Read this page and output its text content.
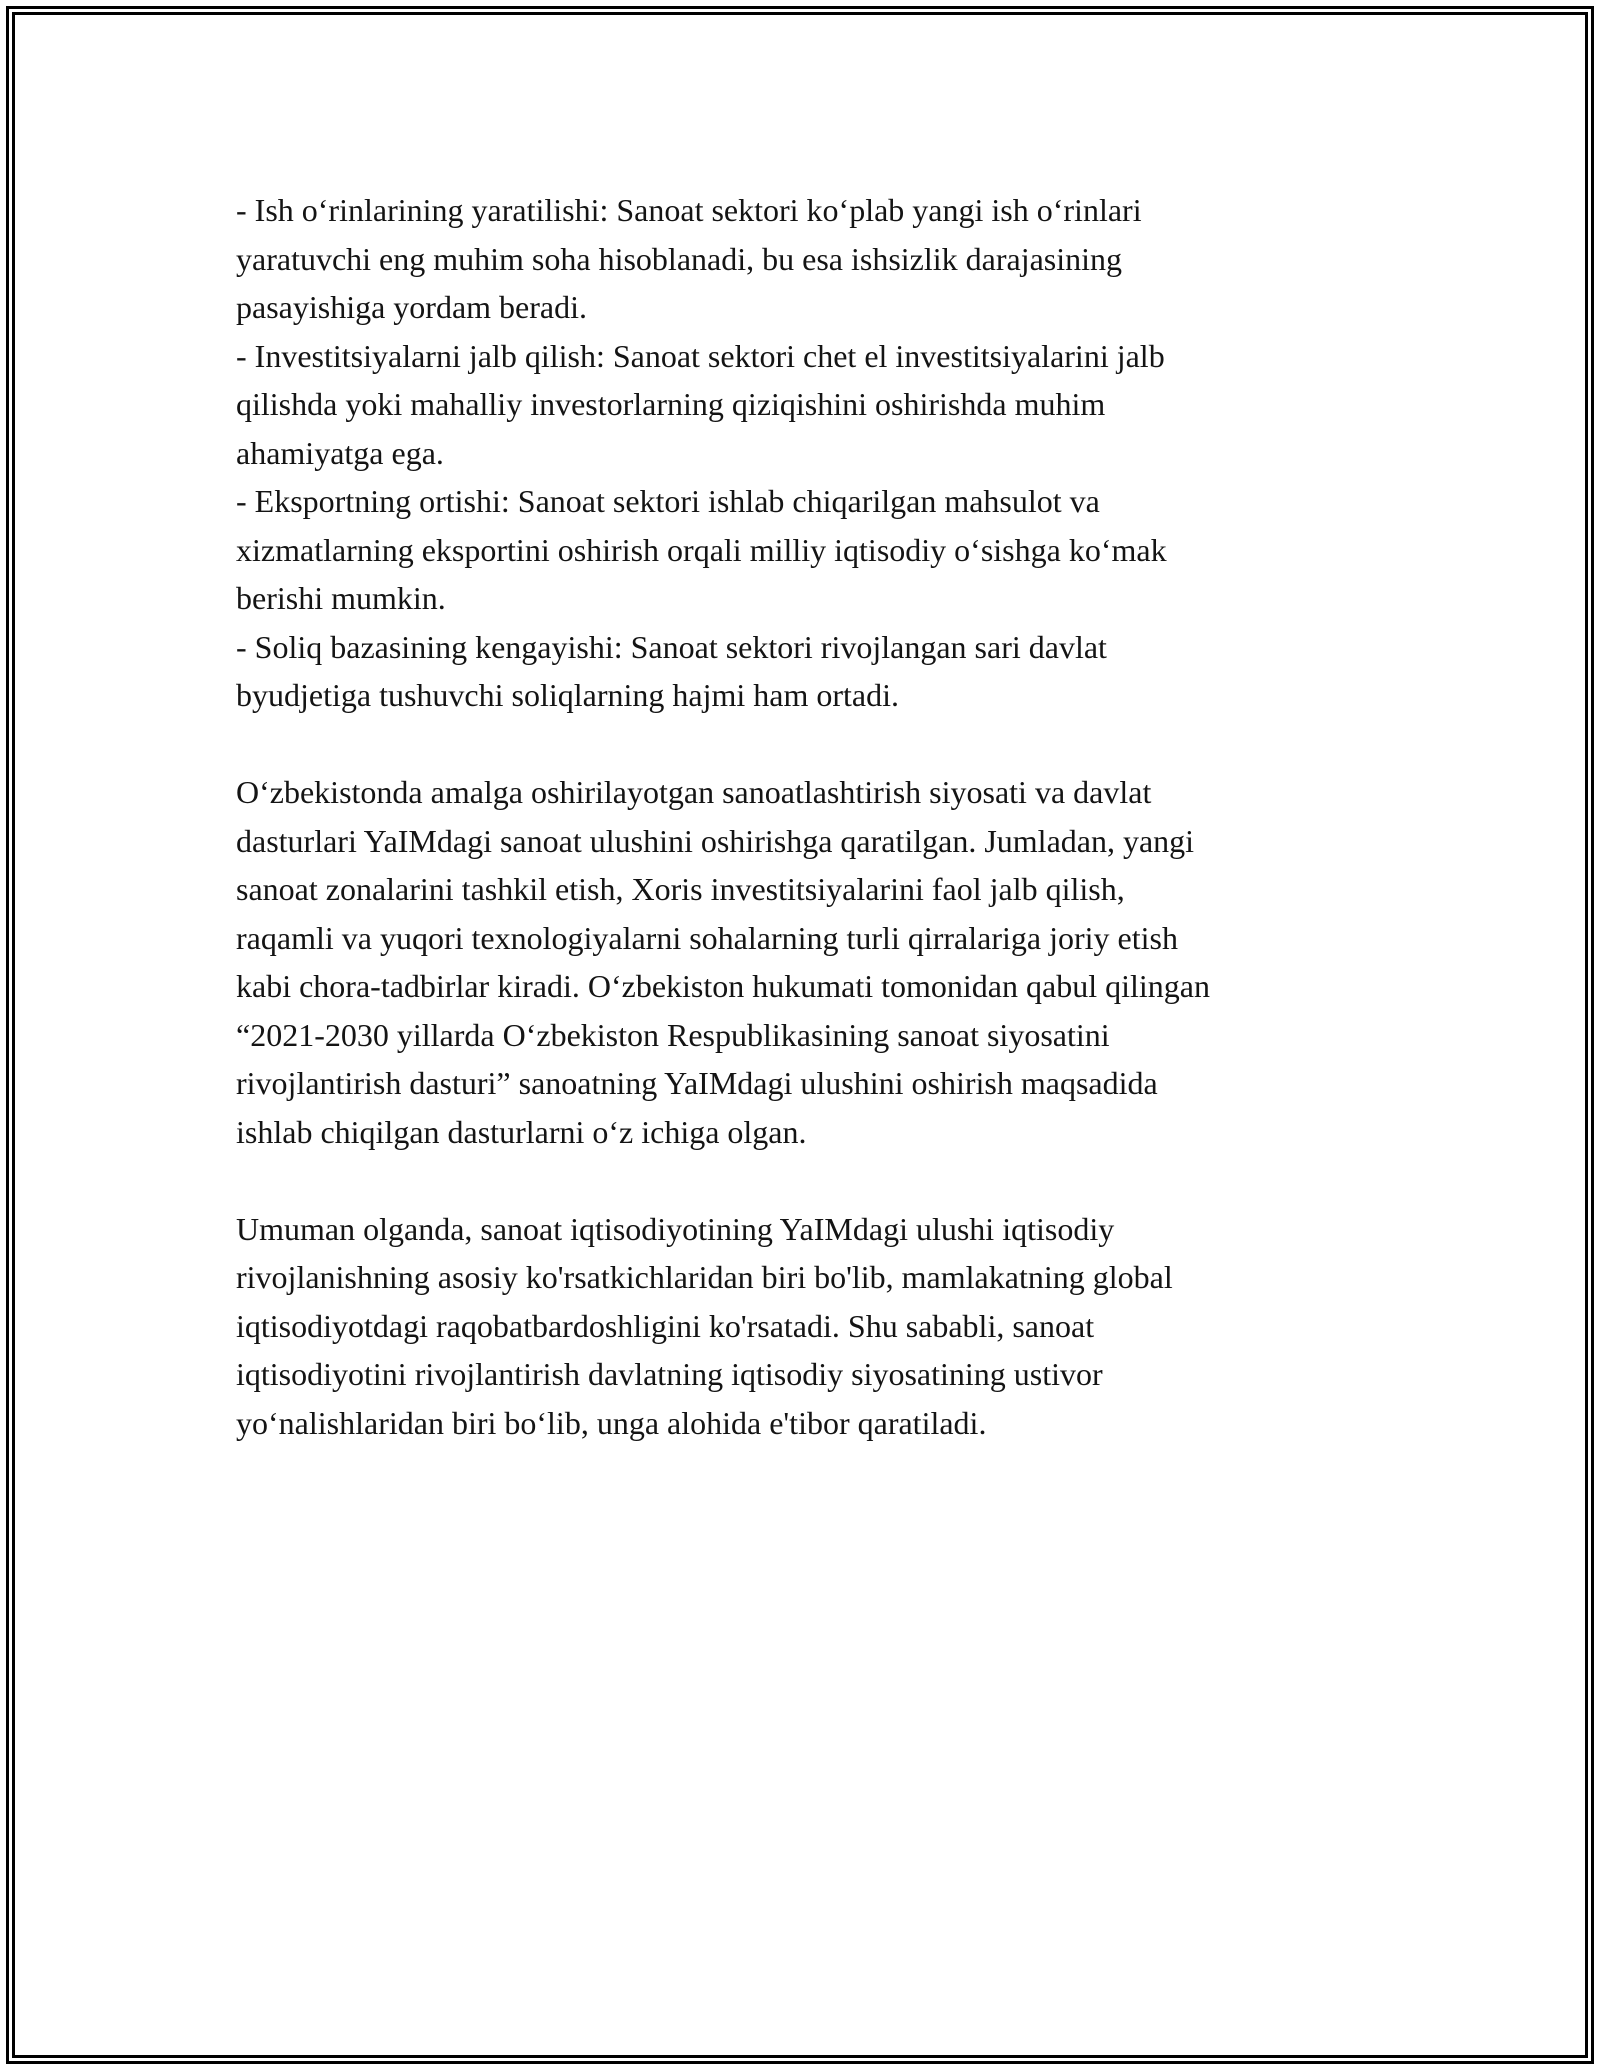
- Ish o‘rinlarining yaratilishi: Sanoat sektori ko‘plab yangi ish o‘rinlari
yaratuvchi eng muhim soha hisoblanadi, bu esa ishsizlik darajasining
pasayishiga yordam beradi.

- Investitsiyalarni jalb qilish: Sanoat sektori chet el investitsiyalarini jalb
qilishda yoki mahalliy investorlarning qiziqishini oshirishda muhim
ahamiyatga ega.

- Eksportning ortishi: Sanoat sektori ishlab chiqarilgan mahsulot va
xizmatlarning eksportini oshirish orqali milliy iqtisodiy o‘sishga ko‘mak
berishi mumkin.

- Soliq bazasining kengayishi: Sanoat sektori rivojlangan sari davlat
byudjetiga tushuvchi soliqlarning hajmi ham ortadi.

O‘zbekistonda amalga oshirilayotgan sanoatlashtirish siyosati va davlat
dasturlari YaIMdagi sanoat ulushini oshirishga qaratilgan. Jumladan, yangi
sanoat zonalarini tashkil etish, Xoris investitsiyalarini faol jalb qilish,
raqamli va yuqori texnologiyalarni sohalarning turli qirralariga joriy etish
kabi chora-tadbirlar kiradi. O‘zbekiston hukumati tomonidan qabul qilingan
“2021-2030 yillarda O‘zbekiston Respublikasining sanoat siyosatini
rivojlantirish dasturi” sanoatning YaIMdagi ulushini oshirish maqsadida
ishlab chiqilgan dasturlarni o‘z ichiga olgan.

Umuman olganda, sanoat iqtisodiyotining YaIMdagi ulushi iqtisodiy
rivojlanishning asosiy ko'rsatkichlaridan biri bo'lib, mamlakatning global
iqtisodiyotdagi raqobatbardoshligini ko'rsatadi. Shu sababli, sanoat
iqtisodiyotini rivojlantirish davlatning iqtisodiy siyosatining ustivor
yo‘nalishlaridan biri bo‘lib, unga alohida e'tibor qaratiladi.
